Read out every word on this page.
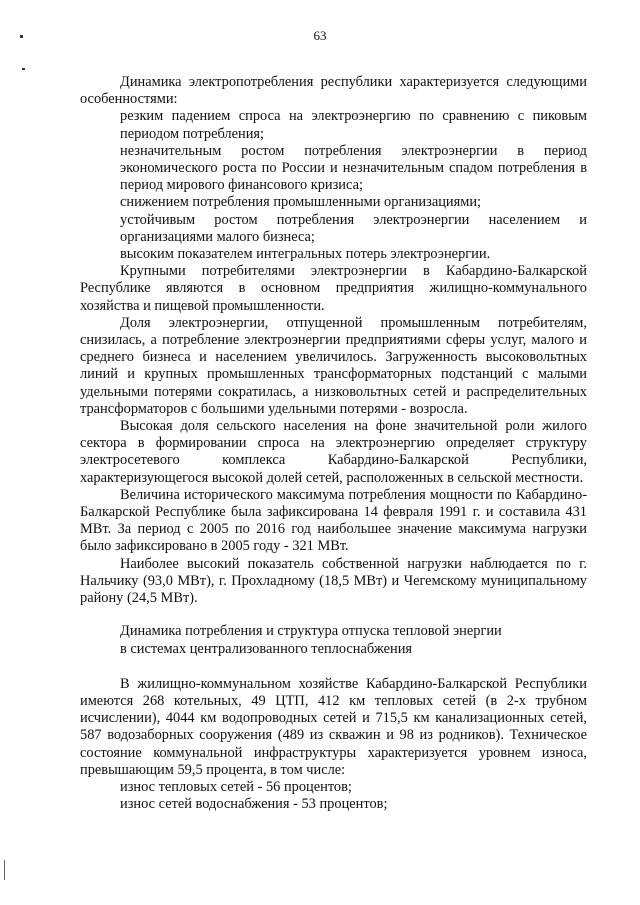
63

Динамика электропотребления республики характеризуется следующими особенностями:

резким падением спроса на электроэнергию по сравнению с пиковым периодом потребления;

незначительным ростом потребления электроэнергии в период экономического роста по России и незначительным спадом потребления в период мирового финансового кризиса;

снижением потребления промышленными организациями;

устойчивым ростом потребления электроэнергии населением и организациями малого бизнеса;

высоким показателем интегральных потерь электроэнергии.

Крупными потребителями электроэнергии в Кабардино-Балкарской Республике являются в основном предприятия жилищно-коммунального хозяйства и пищевой промышленности.

Доля электроэнергии, отпущенной промышленным потребителям, снизилась, а потребление электроэнергии предприятиями сферы услуг, малого и среднего бизнеса и населением увеличилось. Загруженность высоковольтных линий и крупных промышленных трансформаторных подстанций с малыми удельными потерями сократилась, а низковольтных сетей и распределительных трансформаторов с большими удельными потерями - возросла.

Высокая доля сельского населения на фоне значительной роли жилого сектора в формировании спроса на электроэнергию определяет структуру электросетевого комплекса Кабардино-Балкарской Республики, характеризующегося высокой долей сетей, расположенных в сельской местности.

Величина исторического максимума потребления мощности по Кабардино-Балкарской Республике была зафиксирована 14 февраля 1991 г. и составила 431 МВт. За период с 2005 по 2016 год наибольшее значение максимума нагрузки было зафиксировано в 2005 году - 321 МВт.

Наиболее высокий показатель собственной нагрузки наблюдается по г. Нальчику (93,0 МВт), г. Прохладному (18,5 МВт) и Чегемскому муниципальному району (24,5 МВт).

Динамика потребления и структура отпуска тепловой энергии

в системах централизованного теплоснабжения

В жилищно-коммунальном хозяйстве Кабардино-Балкарской Республики имеются 268 котельных, 49 ЦТП, 412 км тепловых сетей (в 2-х трубном исчислении), 4044 км водопроводных сетей и 715,5 км канализационных сетей, 587 водозаборных сооружения (489 из скважин и 98 из родников). Техническое состояние коммунальной инфраструктуры характеризуется уровнем износа, превышающим 59,5 процента, в том числе:

износ тепловых сетей - 56 процентов;

износ сетей водоснабжения - 53 процентов;
